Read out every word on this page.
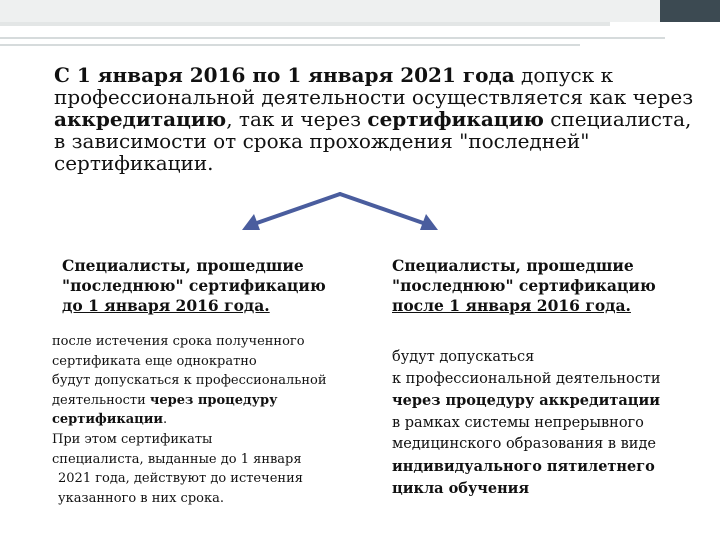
С 1 января 2016 по 1 января 2021 года допуск к профессиональной деятельности осуществляется как через аккредитацию, так и через сертификацию специалиста, в зависимости от срока прохождения "последней" сертификации.

Специалисты, прошедшие
"последнюю" сертификацию
до 1 января 2016 года.
Специалисты, прошедшие
"последнюю" сертификацию
после 1 января 2016 года.
после истечения срока полученного
сертификата еще однократно
будут допускаться к профессиональной
деятельности через процедуру
сертификации.
При этом сертификаты
специалиста, выданные до 1 января
2021 года, действуют до истечения
указанного в них срока.
будут допускаться
к профессиональной деятельности
через процедуру аккредитации
в рамках системы непрерывного
медицинского образования в виде
индивидуального пятилетнего
цикла обучения
